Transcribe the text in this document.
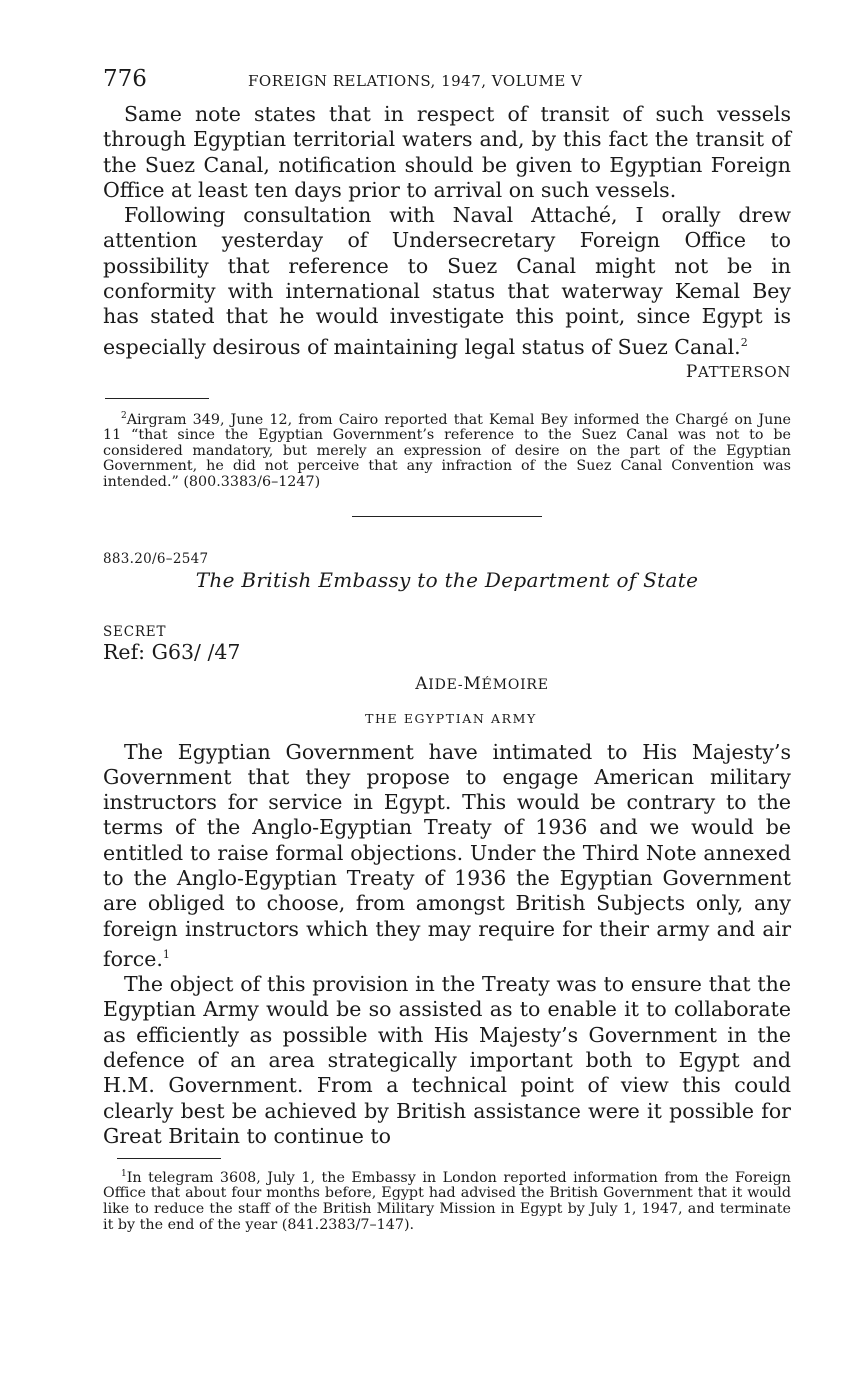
776	FOREIGN RELATIONS, 1947, VOLUME V

Same note states that in respect of transit of such vessels through Egyptian territorial waters and, by this fact the transit of the Suez Canal, notification should be given to Egyptian Foreign Office at least ten days prior to arrival on such vessels.

Following consultation with Naval Attaché, I orally drew attention yesterday of Undersecretary Foreign Office to possibility that reference to Suez Canal might not be in conformity with international status that waterway Kemal Bey has stated that he would investigate this point, since Egypt is especially desirous of maintaining legal status of Suez Canal.$^2$

PATTERSON

$^2$Airgram 349, June 12, from Cairo reported that Kemal Bey informed the Chargé on June 11 “that since the Egyptian Government’s reference to the Suez Canal was not to be considered mandatory, but merely an expression of desire on the part of the Egyptian Government, he did not perceive that any infraction of the Suez Canal Convention was intended.” (800.3383/6–1247)

883.20/6–2547
The British Embassy to the Department of State
SECRET
Ref: G63/ /47
AIDE-MÉMOIRE
THE EGYPTIAN ARMY

The Egyptian Government have intimated to His Majesty’s Government that they propose to engage American military instructors for service in Egypt. This would be contrary to the terms of the Anglo-Egyptian Treaty of 1936 and we would be entitled to raise formal objections. Under the Third Note annexed to the Anglo-Egyptian Treaty of 1936 the Egyptian Government are obliged to choose, from amongst British Subjects only, any foreign instructors which they may require for their army and air force.$^1$

The object of this provision in the Treaty was to ensure that the Egyptian Army would be so assisted as to enable it to collaborate as efficiently as possible with His Majesty’s Government in the defence of an area strategically important both to Egypt and H.M. Government. From a technical point of view this could clearly best be achieved by British assistance were it possible for Great Britain to continue to

$^1$In telegram 3608, July 1, the Embassy in London reported information from the Foreign Office that about four months before, Egypt had advised the British Government that it would like to reduce the staff of the British Military Mission in Egypt by July 1, 1947, and terminate it by the end of the year (841.2383/7–147).
